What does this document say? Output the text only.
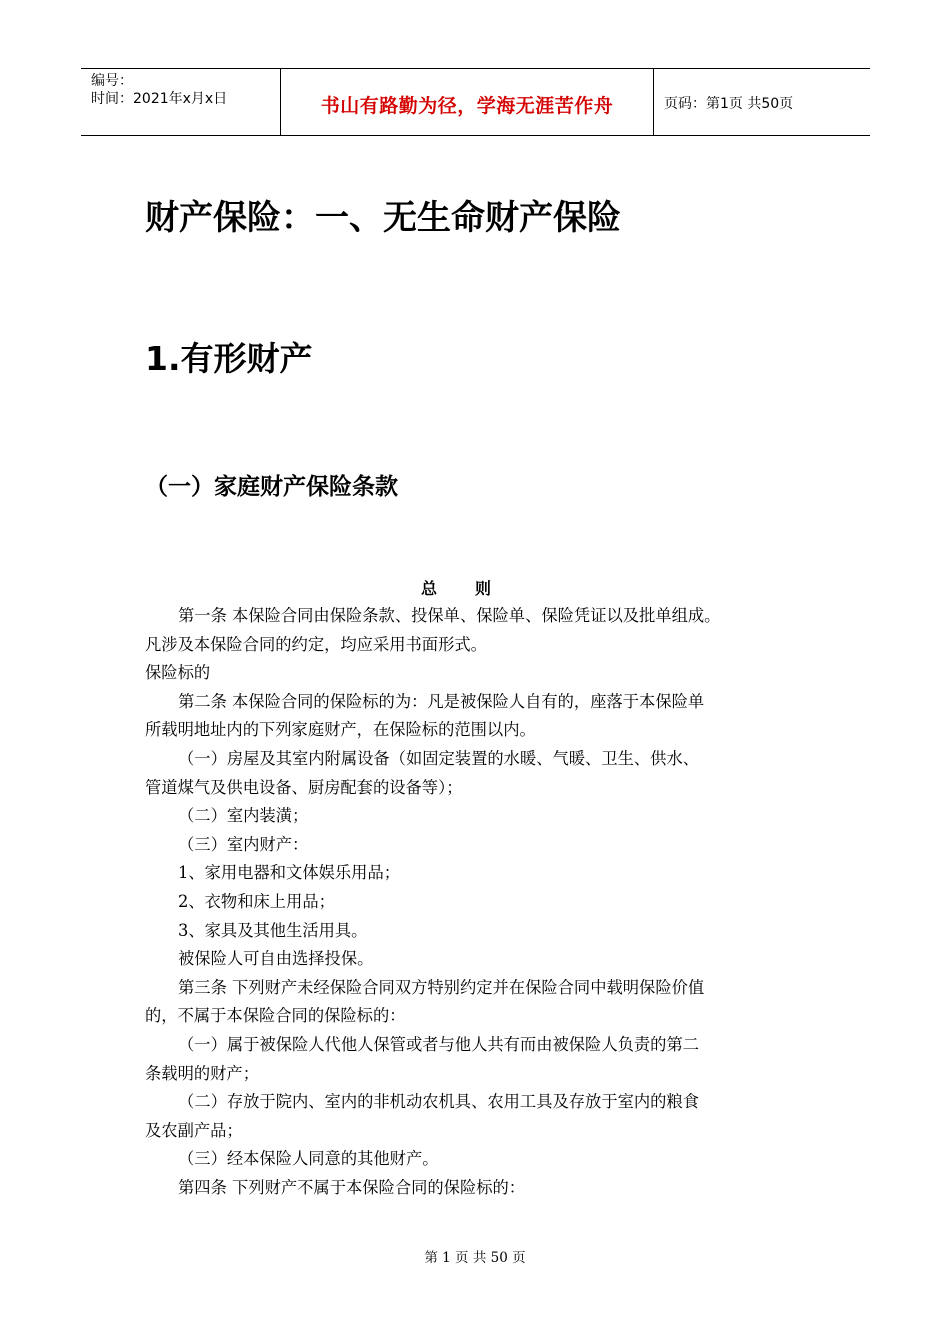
编号：
时间：2021年x月x日	书山有路勤为径，学海无涯苦作舟	页码：第1页 共50页
财产保险：一、无生命财产保险
1.有形财产
（一）家庭财产保险条款
总则
第一条 本保险合同由保险条款、投保单、保险单、保险凭证以及批单组成。
凡涉及本保险合同的约定，均应采用书面形式。
保险标的
第二条 本保险合同的保险标的为：凡是被保险人自有的，座落于本保险单
所载明地址内的下列家庭财产，在保险标的范围以内。
（一）房屋及其室内附属设备（如固定装置的水暖、气暖、卫生、供水、
管道煤气及供电设备、厨房配套的设备等）；
（二）室内装潢；
（三）室内财产：
1、家用电器和文体娱乐用品；
2、衣物和床上用品；
3、家具及其他生活用具。
被保险人可自由选择投保。
第三条 下列财产未经保险合同双方特别约定并在保险合同中载明保险价值
的，不属于本保险合同的保险标的：
（一）属于被保险人代他人保管或者与他人共有而由被保险人负责的第二
条载明的财产；
（二）存放于院内、室内的非机动农机具、农用工具及存放于室内的粮食
及农副产品；
（三）经本保险人同意的其他财产。
第四条 下列财产不属于本保险合同的保险标的：
第 1 页 共 50 页
